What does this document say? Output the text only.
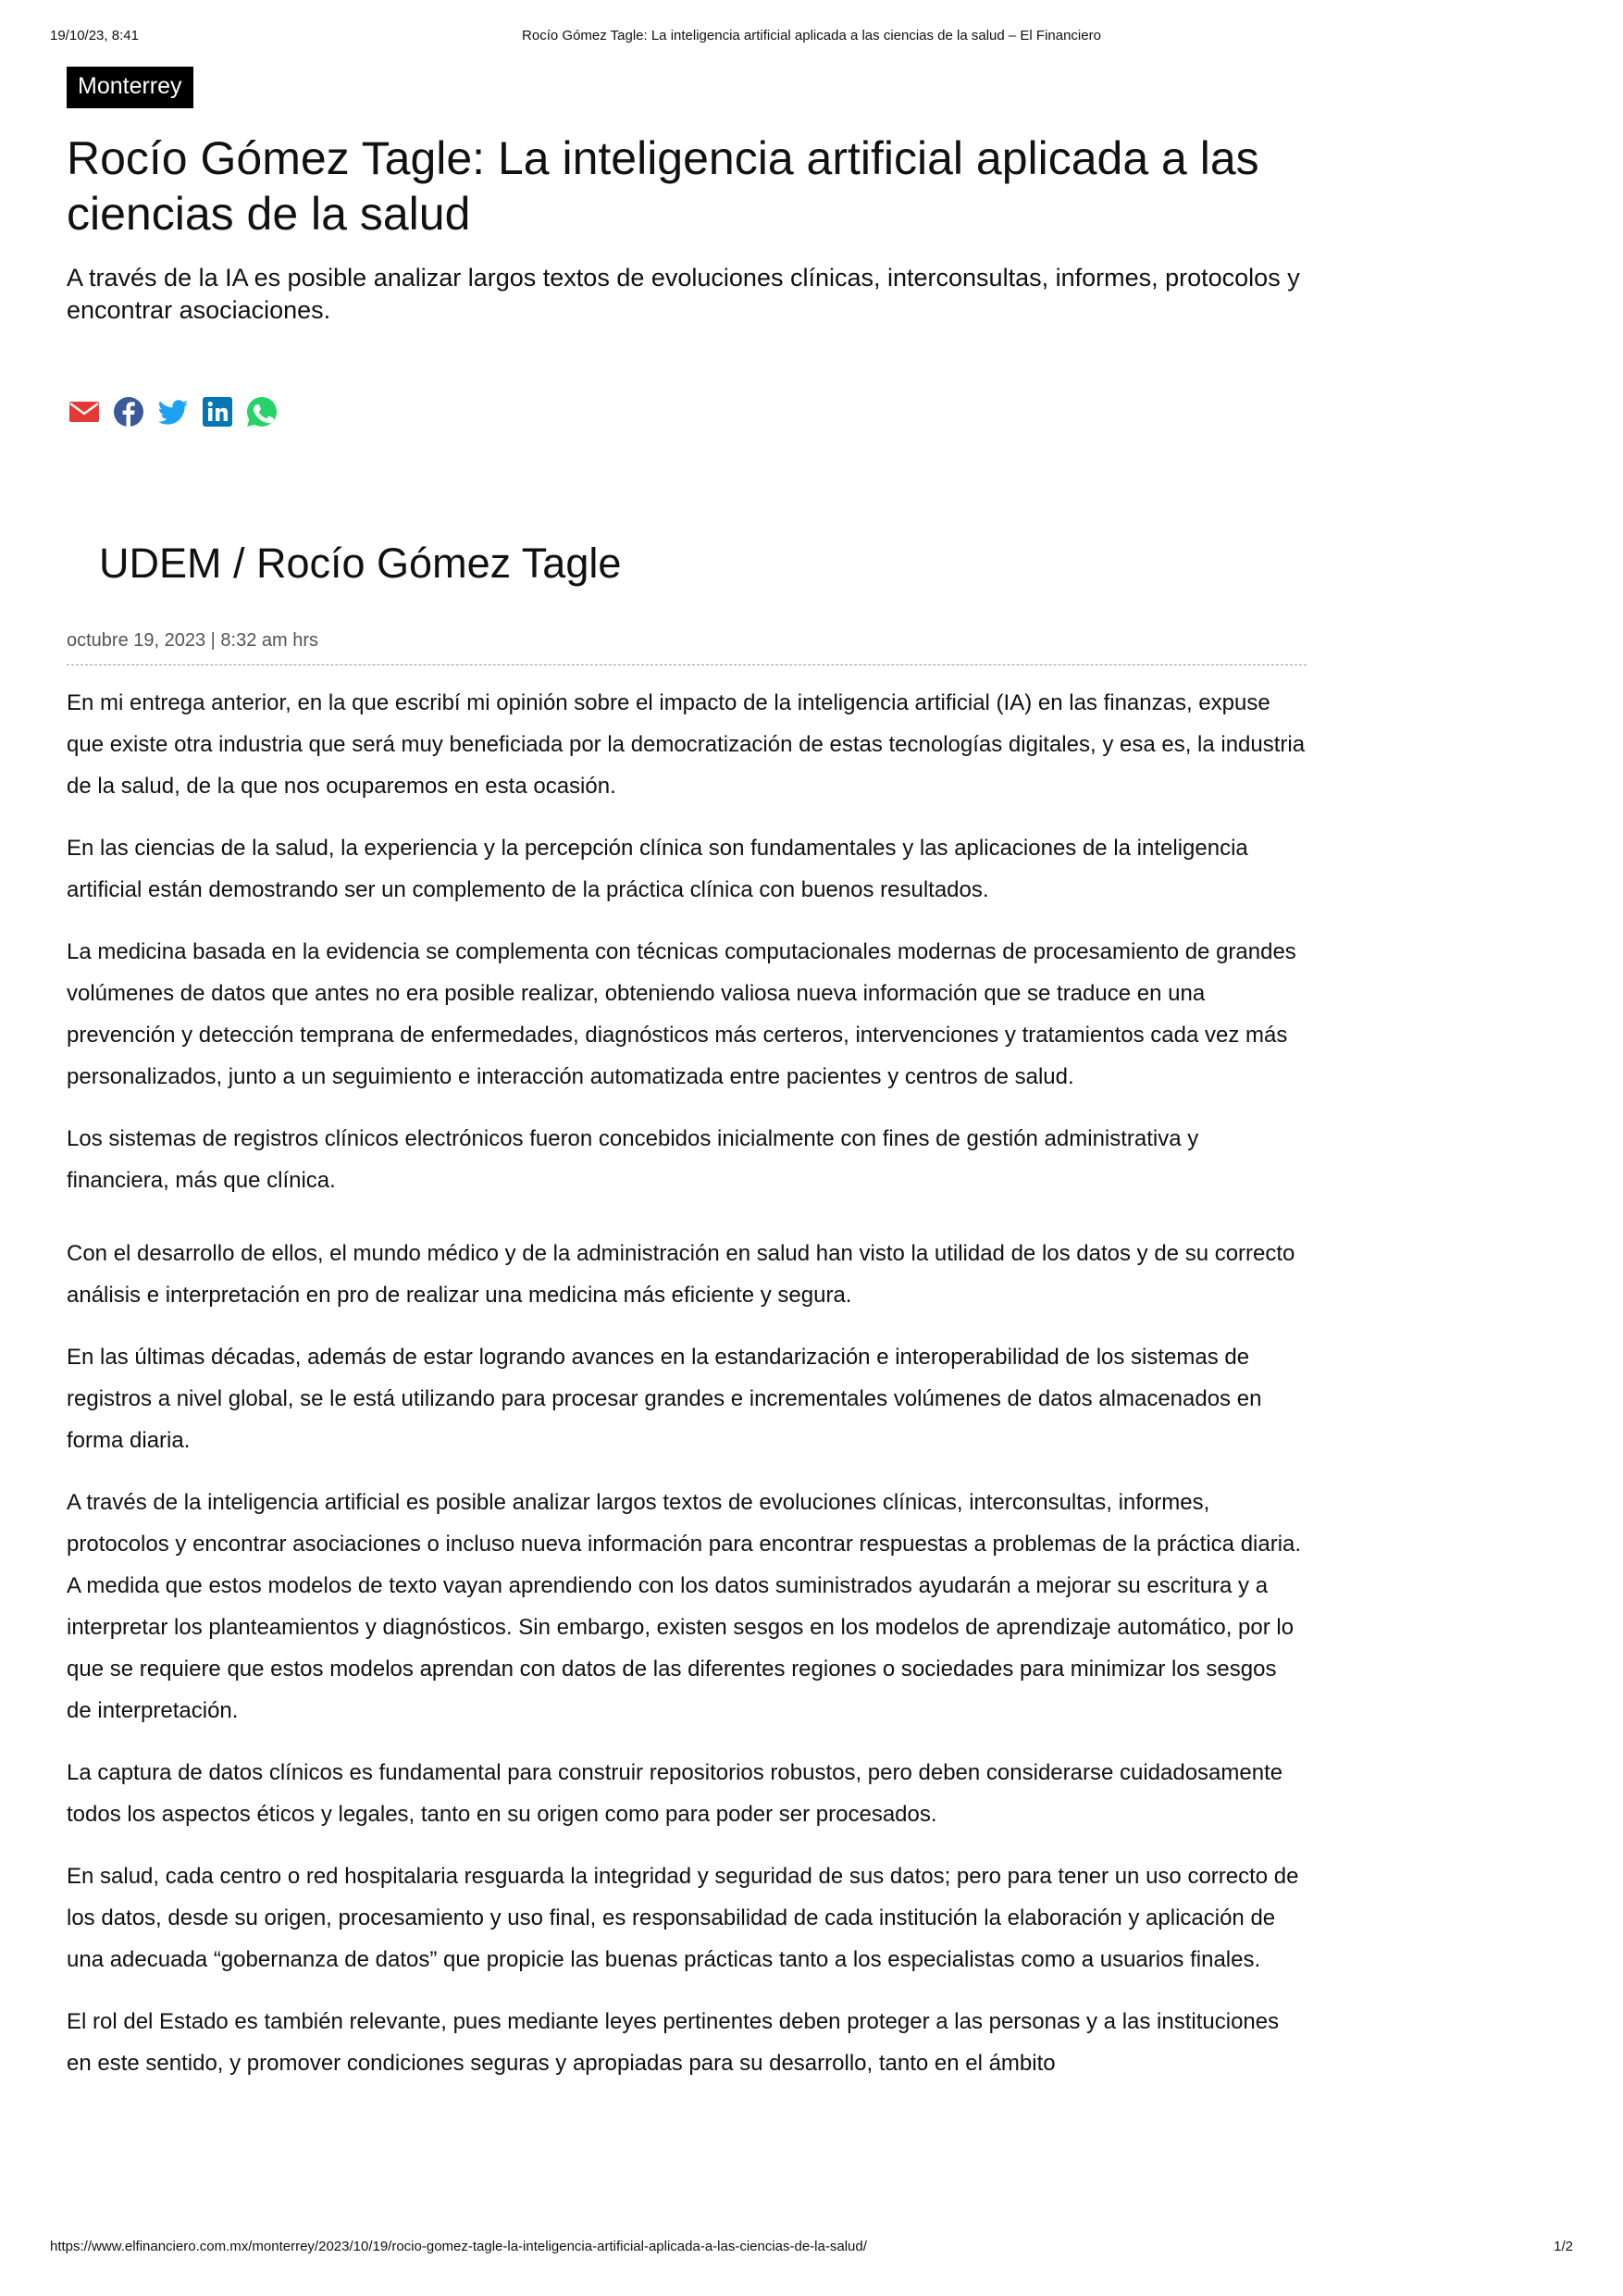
19/10/23, 8:41	Rocío Gómez Tagle: La inteligencia artificial aplicada a las ciencias de la salud – El Financiero
Monterrey
Rocío Gómez Tagle: La inteligencia artificial aplicada a las ciencias de la salud

A través de la IA es posible analizar largos textos de evoluciones clínicas, interconsultas, informes, protocolos y encontrar asociaciones.

UDEM / Rocío Gómez Tagle
octubre 19, 2023 | 8:32 am hrs

En mi entrega anterior, en la que escribí mi opinión sobre el impacto de la inteligencia artificial (IA) en las finanzas, expuse que existe otra industria que será muy beneficiada por la democratización de estas tecnologías digitales, y esa es, la industria de la salud, de la que nos ocuparemos en esta ocasión.

En las ciencias de la salud, la experiencia y la percepción clínica son fundamentales y las aplicaciones de la inteligencia artificial están demostrando ser un complemento de la práctica clínica con buenos resultados.

La medicina basada en la evidencia se complementa con técnicas computacionales modernas de procesamiento de grandes volúmenes de datos que antes no era posible realizar, obteniendo valiosa nueva información que se traduce en una prevención y detección temprana de enfermedades, diagnósticos más certeros, intervenciones y tratamientos cada vez más personalizados, junto a un seguimiento e interacción automatizada entre pacientes y centros de salud.

Los sistemas de registros clínicos electrónicos fueron concebidos inicialmente con fines de gestión administrativa y financiera, más que clínica.

Con el desarrollo de ellos, el mundo médico y de la administración en salud han visto la utilidad de los datos y de su correcto análisis e interpretación en pro de realizar una medicina más eficiente y segura.

En las últimas décadas, además de estar logrando avances en la estandarización e interoperabilidad de los sistemas de registros a nivel global, se le está utilizando para procesar grandes e incrementales volúmenes de datos almacenados en forma diaria.

A través de la inteligencia artificial es posible analizar largos textos de evoluciones clínicas, interconsultas, informes, protocolos y encontrar asociaciones o incluso nueva información para encontrar respuestas a problemas de la práctica diaria. A medida que estos modelos de texto vayan aprendiendo con los datos suministrados ayudarán a mejorar su escritura y a interpretar los planteamientos y diagnósticos. Sin embargo, existen sesgos en los modelos de aprendizaje automático, por lo que se requiere que estos modelos aprendan con datos de las diferentes regiones o sociedades para minimizar los sesgos de interpretación.

La captura de datos clínicos es fundamental para construir repositorios robustos, pero deben considerarse cuidadosamente todos los aspectos éticos y legales, tanto en su origen como para poder ser procesados.

En salud, cada centro o red hospitalaria resguarda la integridad y seguridad de sus datos; pero para tener un uso correcto de los datos, desde su origen, procesamiento y uso final, es responsabilidad de cada institución la elaboración y aplicación de una adecuada “gobernanza de datos” que propicie las buenas prácticas tanto a los especialistas como a usuarios finales.

El rol del Estado es también relevante, pues mediante leyes pertinentes deben proteger a las personas y a las instituciones en este sentido, y promover condiciones seguras y apropiadas para su desarrollo, tanto en el ámbito

https://www.elfinanciero.com.mx/monterrey/2023/10/19/rocio-gomez-tagle-la-inteligencia-artificial-aplicada-a-las-ciencias-de-la-salud/	1/2
